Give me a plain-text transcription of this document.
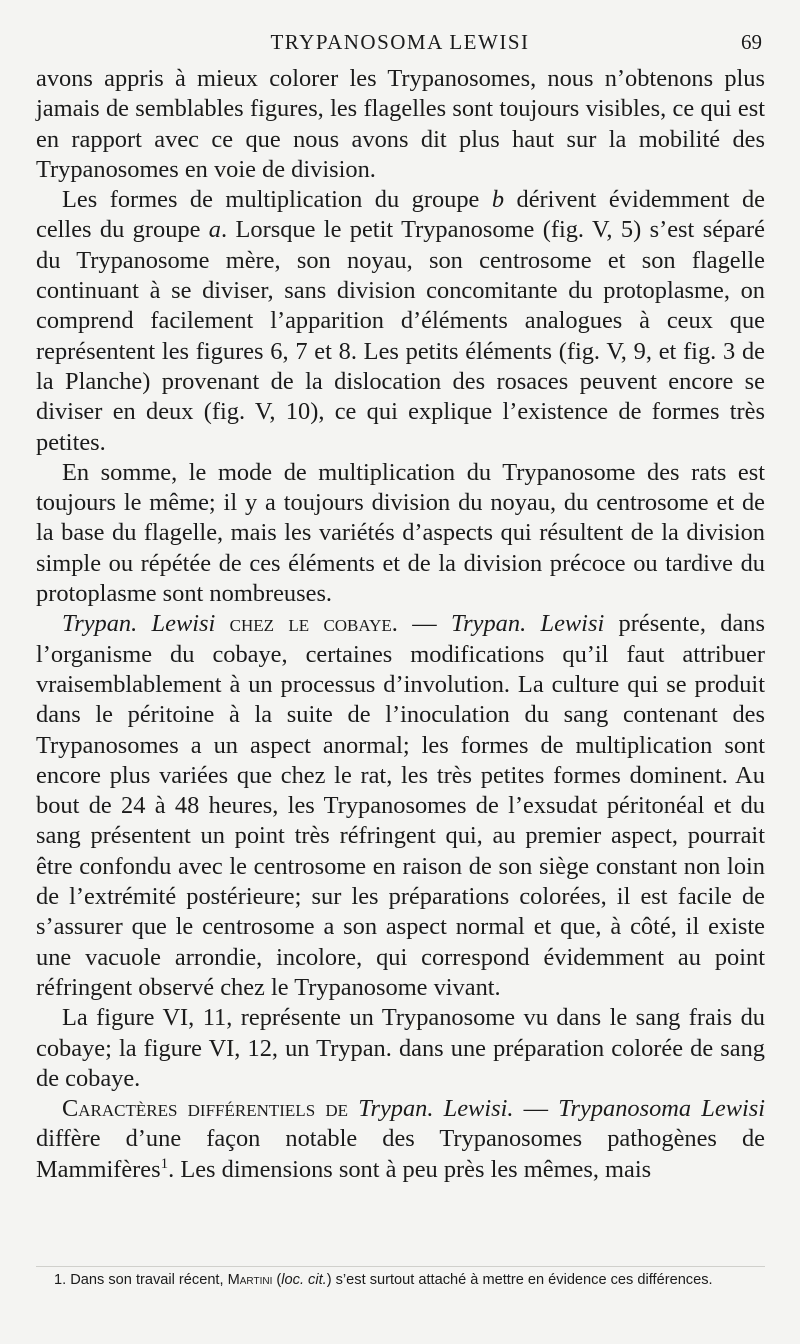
TRYPANOSOMA LEWISI	69

avons appris à mieux colorer les Trypanosomes, nous n’obtenons plus jamais de semblables figures, les flagelles sont toujours visibles, ce qui est en rapport avec ce que nous avons dit plus haut sur la mobilité des Trypanosomes en voie de division.

Les formes de multiplication du groupe b dérivent évidemment de celles du groupe a. Lorsque le petit Trypanosome (fig. V, 5) s’est séparé du Trypanosome mère, son noyau, son centrosome et son flagelle continuant à se diviser, sans division concomitante du protoplasme, on comprend facilement l’apparition d’éléments analogues à ceux que représentent les figures 6, 7 et 8. Les petits éléments (fig. V, 9, et fig. 3 de la Planche) provenant de la dislocation des rosaces peuvent encore se diviser en deux (fig. V, 10), ce qui explique l’existence de formes très petites.

En somme, le mode de multiplication du Trypanosome des rats est toujours le même; il y a toujours division du noyau, du centrosome et de la base du flagelle, mais les variétés d’aspects qui résultent de la division simple ou répétée de ces éléments et de la division précoce ou tardive du protoplasme sont nombreuses.

Trypan. Lewisi chez le cobaye. — Trypan. Lewisi présente, dans l’organisme du cobaye, certaines modifications qu’il faut attribuer vraisemblablement à un processus d’involution. La culture qui se produit dans le péritoine à la suite de l’inoculation du sang contenant des Trypanosomes a un aspect anormal; les formes de multiplication sont encore plus variées que chez le rat, les très petites formes dominent. Au bout de 24 à 48 heures, les Trypanosomes de l’exsudat péritonéal et du sang présentent un point très réfringent qui, au premier aspect, pourrait être confondu avec le centrosome en raison de son siège constant non loin de l’extrémité postérieure; sur les préparations colorées, il est facile de s’assurer que le centrosome a son aspect normal et que, à côté, il existe une vacuole arrondie, incolore, qui correspond évidemment au point réfringent observé chez le Trypanosome vivant.

La figure VI, 11, représente un Trypanosome vu dans le sang frais du cobaye; la figure VI, 12, un Trypan. dans une préparation colorée de sang de cobaye.

Caractères différentiels de Trypan. Lewisi. — Trypanosoma Lewisi diffère d’une façon notable des Trypanosomes pathogènes de Mammifères$^1$. Les dimensions sont à peu près les mêmes, mais

1. Dans son travail récent, Martini (loc. cit.) s’est surtout attaché à mettre en évidence ces différences.
